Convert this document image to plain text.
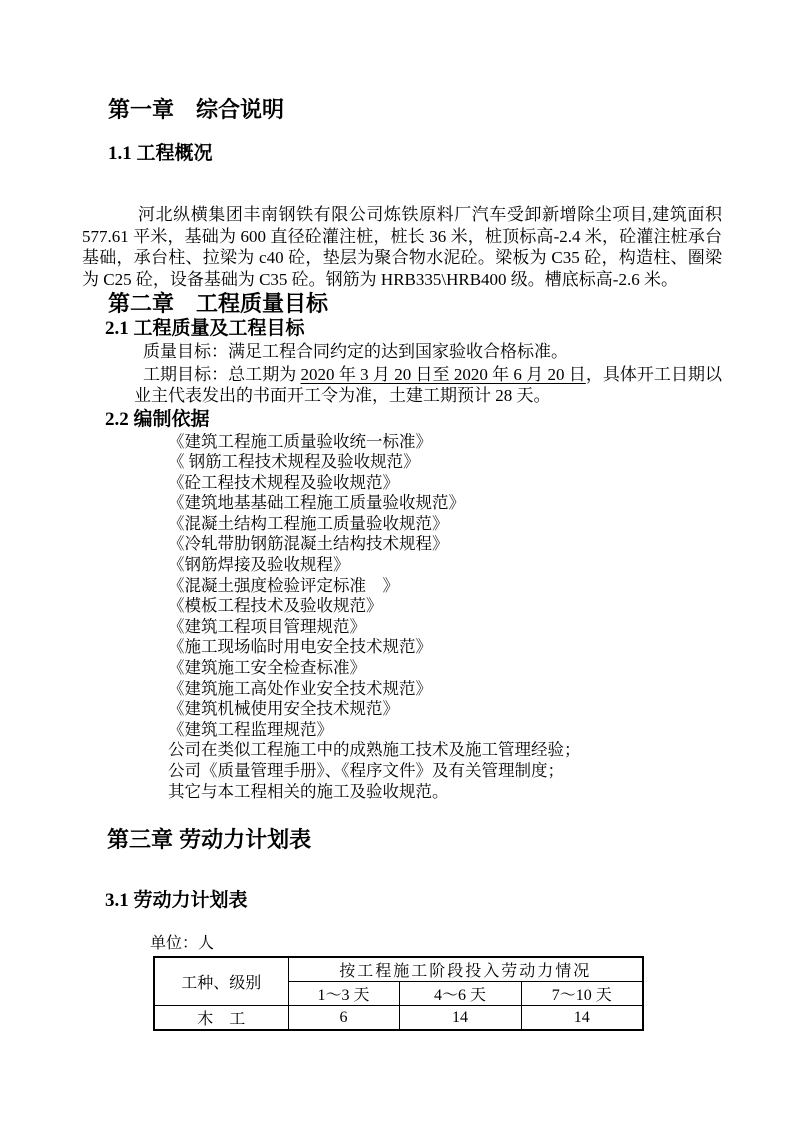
第一章　综合说明
1.1 工程概况

河北纵横集团丰南钢铁有限公司炼铁原料厂汽车受卸新增除尘项目,建筑面积 577.61 平米，基础为 600 直径砼灌注桩，桩长 36 米，桩顶标高-2.4 米，砼灌注桩承台基础，承台柱、拉梁为 c40 砼，垫层为聚合物水泥砼。梁板为 C35 砼，构造柱、圈梁为 C25 砼，设备基础为 C35 砼。钢筋为 HRB335\HRB400 级。槽底标高-2.6 米。

第二章　工程质量目标
2.1 工程质量及工程目标

质量目标：满足工程合同约定的达到国家验收合格标准。

工期目标：总工期为 2020 年 3 月 20 日至 2020 年 6 月 20 日，具体开工日期以业主代表发出的书面开工令为准，土建工期预计 28 天。

2.2 编制依据
《建筑工程施工质量验收统一标准》
《 钢筋工程技术规程及验收规范》
《砼工程技术规程及验收规范》
《建筑地基基础工程施工质量验收规范》
《混凝土结构工程施工质量验收规范》
《冷轧带肋钢筋混凝土结构技术规程》
《钢筋焊接及验收规程》
《混凝土强度检验评定标准　》
《模板工程技术及验收规范》
《建筑工程项目管理规范》
《施工现场临时用电安全技术规范》
《建筑施工安全检查标准》
《建筑施工高处作业安全技术规范》
《建筑机械使用安全技术规范》
《建筑工程监理规范》
公司在类似工程施工中的成熟施工技术及施工管理经验；
公司《质量管理手册》、《程序文件》及有关管理制度；
其它与本工程相关的施工及验收规范。
第三章 劳动力计划表
3.1 劳动力计划表
单位：人
工种、级别	按工程施工阶段投入劳动力情况		
	1～3 天	4～6 天	7～10 天
木　工	6	14	14
